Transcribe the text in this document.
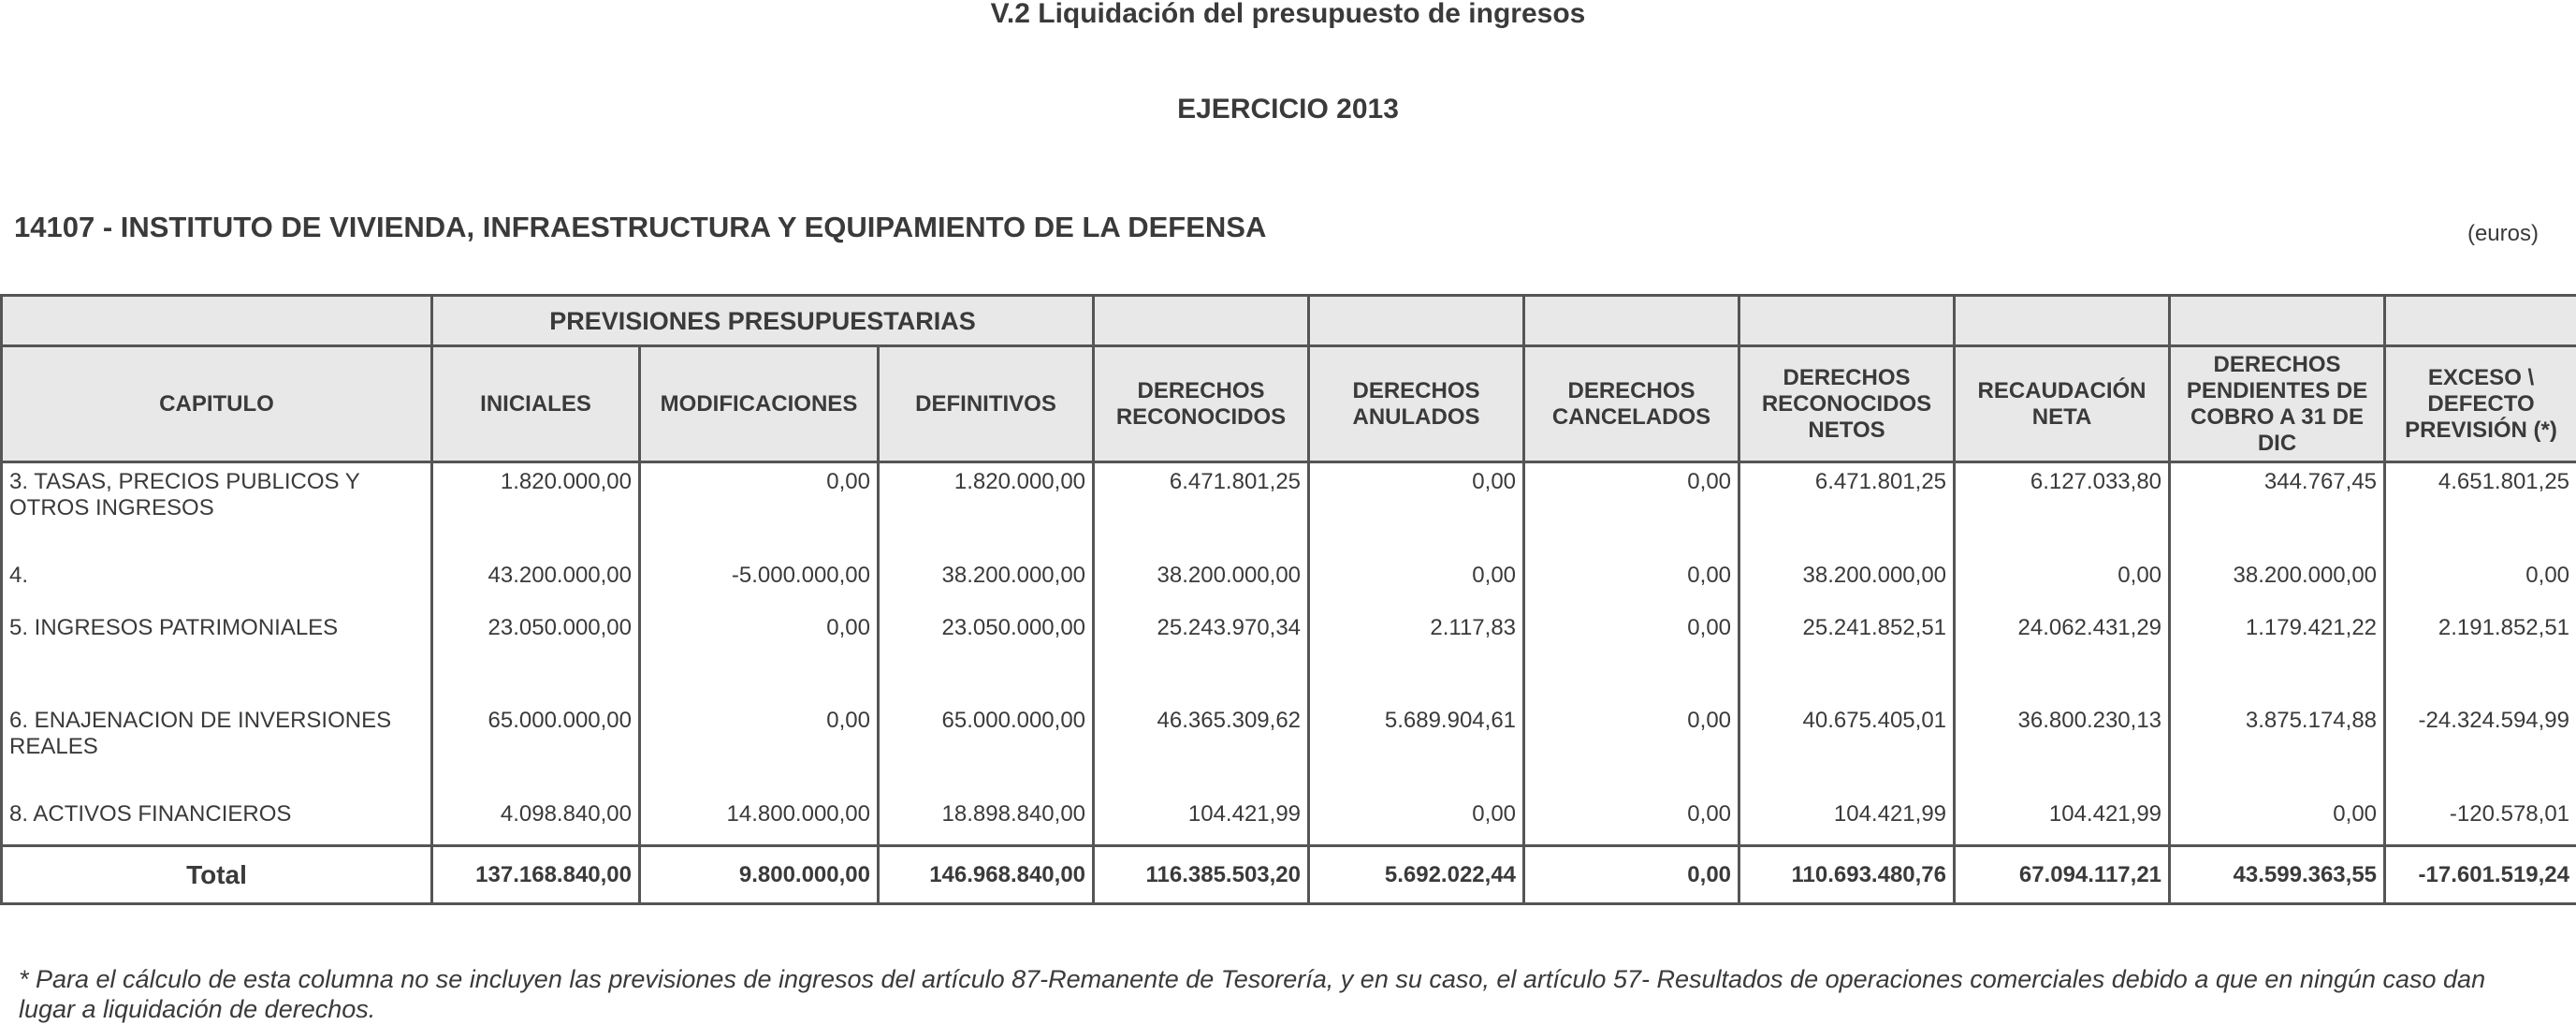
V.2 Liquidación del presupuesto de ingresos
EJERCICIO 2013
14107 - INSTITUTO DE VIVIENDA, INFRAESTRUCTURA Y EQUIPAMIENTO DE LA DEFENSA	(euros)
	PREVISIONES PRESUPUESTARIAS									
CAPITULO	INICIALES	MODIFICACIONES	DEFINITIVOS	DERECHOS RECONOCIDOS	DERECHOS ANULADOS	DERECHOS CANCELADOS	DERECHOS RECONOCIDOS NETOS	RECAUDACIÓN NETA	DERECHOS PENDIENTES DE COBRO A 31 DE DIC	EXCESO \ DEFECTO PREVISIÓN (*)
3. TASAS, PRECIOS PUBLICOS Y OTROS INGRESOS	1.820.000,00	0,00	1.820.000,00	6.471.801,25	0,00	0,00	6.471.801,25	6.127.033,80	344.767,45	4.651.801,25
4.	43.200.000,00	-5.000.000,00	38.200.000,00	38.200.000,00	0,00	0,00	38.200.000,00	0,00	38.200.000,00	0,00
5. INGRESOS PATRIMONIALES	23.050.000,00	0,00	23.050.000,00	25.243.970,34	2.117,83	0,00	25.241.852,51	24.062.431,29	1.179.421,22	2.191.852,51
6. ENAJENACION DE INVERSIONES REALES	65.000.000,00	0,00	65.000.000,00	46.365.309,62	5.689.904,61	0,00	40.675.405,01	36.800.230,13	3.875.174,88	-24.324.594,99
8. ACTIVOS FINANCIEROS	4.098.840,00	14.800.000,00	18.898.840,00	104.421,99	0,00	0,00	104.421,99	104.421,99	0,00	-120.578,01
Total	137.168.840,00	9.800.000,00	146.968.840,00	116.385.503,20	5.692.022,44	0,00	110.693.480,76	67.094.117,21	43.599.363,55	-17.601.519,24
* Para el cálculo de esta columna no se incluyen las previsiones de ingresos del artículo 87-Remanente de Tesorería, y en su caso, el artículo 57- Resultados de operaciones comerciales debido a que en ningún caso dan lugar a liquidación de derechos.
